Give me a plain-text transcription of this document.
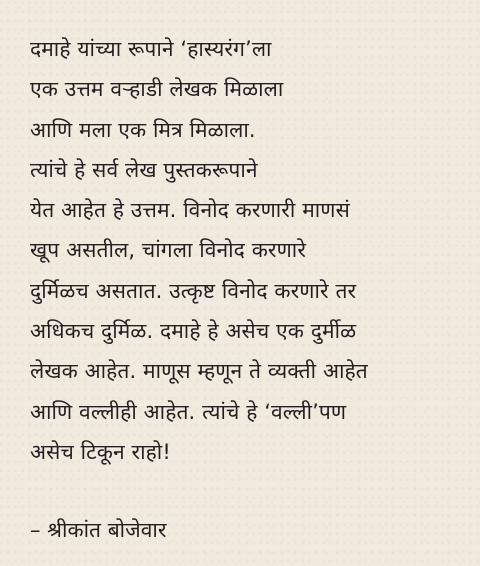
दमाहे यांच्या रूपाने ‘हास्यरंग’ला
एक उत्तम वऱ्हाडी लेखक मिळाला
आणि मला एक मित्र मिळाला.
त्यांचे हे सर्व लेख पुस्तकरूपाने
येत आहेत हे उत्तम. विनोद करणारी माणसं
खूप असतील, चांगला विनोद करणारे
दुर्मिळच असतात. उत्कृष्ट विनोद करणारे तर
अधिकच दुर्मिळ. दमाहे हे असेच एक दुर्मीळ
लेखक आहेत. माणूस म्हणून ते व्यक्ती आहेत
आणि वल्लीही आहेत. त्यांचे हे ‘वल्ली’पण
असेच टिकून राहो!
– श्रीकांत बोजेवार
